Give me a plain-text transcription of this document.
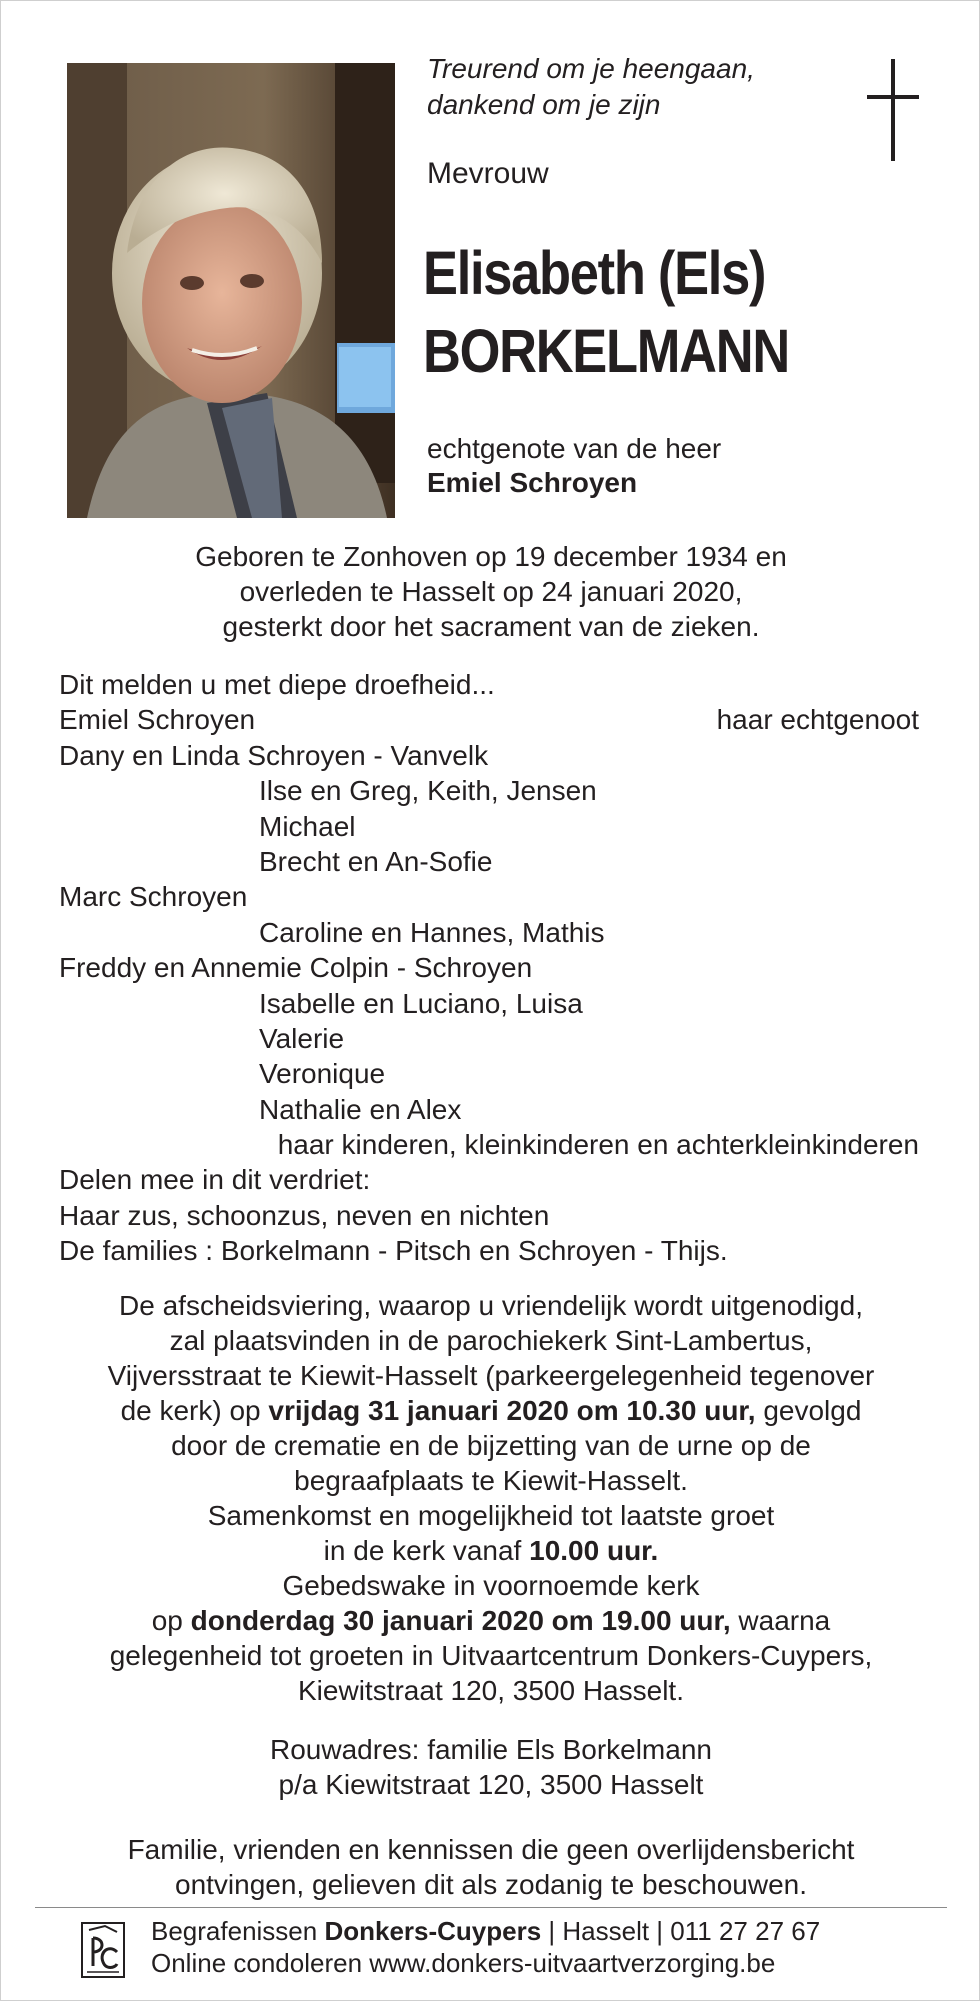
Treurend om je heengaan,
dankend om je zijn
Mevrouw
Elisabeth (Els)
BORKELMANN
echtgenote van de heer
Emiel Schroyen
Geboren te Zonhoven op 19 december 1934 en
overleden te Hasselt op 24 januari 2020,
gesterkt door het sacrament van de zieken.
Dit melden u met diepe droefheid...
Emiel Schroyen	haar echtgenoot
Dany en Linda Schroyen - Vanvelk
Ilse en Greg, Keith, Jensen
Michael
Brecht en An-Sofie
Marc Schroyen
Caroline en Hannes, Mathis
Freddy en Annemie Colpin - Schroyen
Isabelle en Luciano, Luisa
Valerie
Veronique
Nathalie en Alex
haar kinderen, kleinkinderen en achterkleinkinderen
Delen mee in dit verdriet:
Haar zus, schoonzus, neven en nichten
De families : Borkelmann - Pitsch en Schroyen - Thijs.
De afscheidsviering, waarop u vriendelijk wordt uitgenodigd,
zal plaatsvinden in de parochiekerk Sint-Lambertus,
Vijversstraat te Kiewit-Hasselt (parkeergelegenheid tegenover
de kerk) op vrijdag 31 januari 2020 om 10.30 uur, gevolgd
door de crematie en de bijzetting van de urne op de
begraafplaats te Kiewit-Hasselt.
Samenkomst en mogelijkheid tot laatste groet
in de kerk vanaf 10.00 uur.
Gebedswake in voornoemde kerk
op donderdag 30 januari 2020 om 19.00 uur, waarna
gelegenheid tot groeten in Uitvaartcentrum Donkers-Cuypers,
Kiewitstraat 120, 3500 Hasselt.
Rouwadres: familie Els Borkelmann
p/a Kiewitstraat 120, 3500 Hasselt
Familie, vrienden en kennissen die geen overlijdensbericht
ontvingen, gelieven dit als zodanig te beschouwen.
Begrafenissen Donkers-Cuypers | Hasselt | 011 27 27 67
Online condoleren www.donkers-uitvaartverzorging.be
